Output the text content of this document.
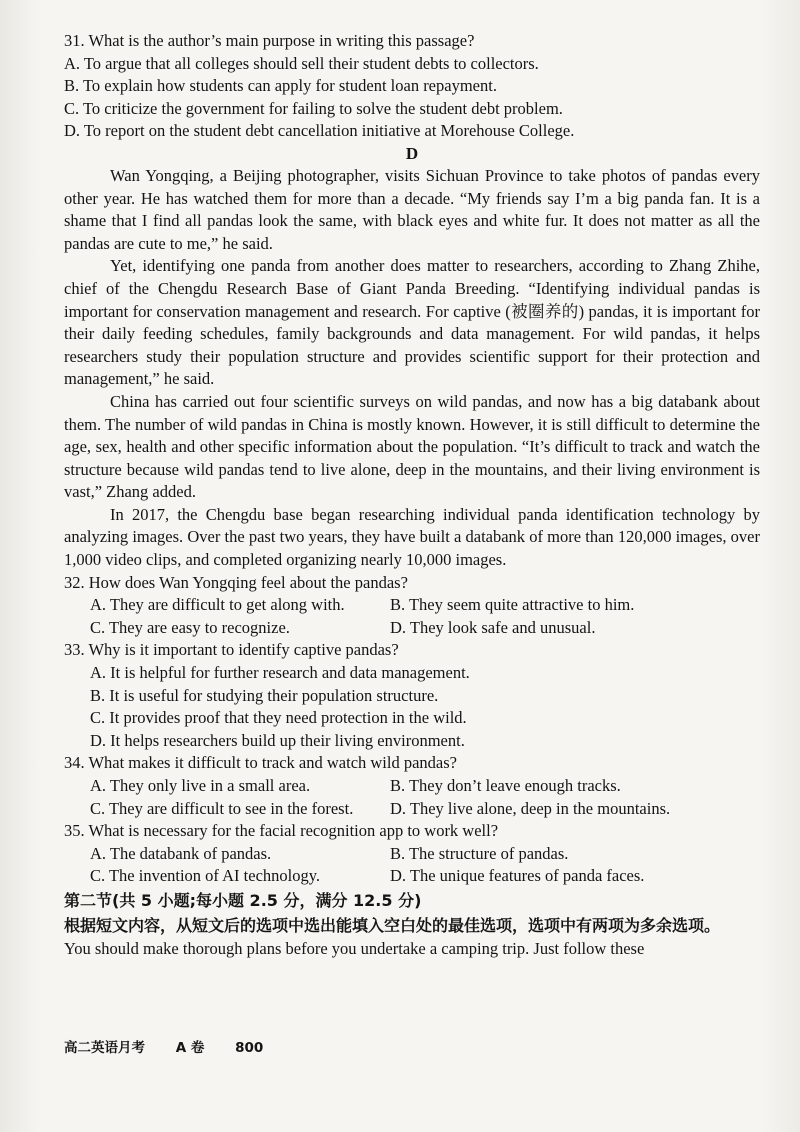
31. What is the author’s main purpose in writing this passage?
A. To argue that all colleges should sell their student debts to collectors.
B. To explain how students can apply for student loan repayment.
C. To criticize the government for failing to solve the student debt problem.
D. To report on the student debt cancellation initiative at Morehouse College.
D

Wan Yongqing, a Beijing photographer, visits Sichuan Province to take photos of pandas every other year. He has watched them for more than a decade. “My friends say I’m a big panda fan. It is a shame that I find all pandas look the same, with black eyes and white fur. It does not matter as all the pandas are cute to me,” he said.

Yet, identifying one panda from another does matter to researchers, according to Zhang Zhihe, chief of the Chengdu Research Base of Giant Panda Breeding. “Identifying individual pandas is important for conservation management and research. For captive (被圈养的) pandas, it is important for their daily feeding schedules, family backgrounds and data management. For wild pandas, it helps researchers study their population structure and provides scientific support for their protection and management,” he said.

China has carried out four scientific surveys on wild pandas, and now has a big databank about them. The number of wild pandas in China is mostly known. However, it is still difficult to determine the age, sex, health and other specific information about the population. “It’s difficult to track and watch the structure because wild pandas tend to live alone, deep in the mountains, and their living environment is vast,” Zhang added.

In 2017, the Chengdu base began researching individual panda identification technology by analyzing images. Over the past two years, they have built a databank of more than 120,000 images, over 1,000 video clips, and completed organizing nearly 10,000 images.

32. How does Wan Yongqing feel about the pandas?
A. They are difficult to get along with.	B. They seem quite attractive to him.
C. They are easy to recognize.	D. They look safe and unusual.
33. Why is it important to identify captive pandas?
A. It is helpful for further research and data management.
B. It is useful for studying their population structure.
C. It provides proof that they need protection in the wild.
D. It helps researchers build up their living environment.
34. What makes it difficult to track and watch wild pandas?
A. They only live in a small area.	B. They don’t leave enough tracks.
C. They are difficult to see in the forest.	D. They live alone, deep in the mountains.
35. What is necessary for the facial recognition app to work well?
A. The databank of pandas.	B. The structure of pandas.
C. The invention of AI technology.	D. The unique features of panda faces.
第二节(共 5 小题;每小题 2.5 分，满分 12.5 分)
根据短文内容，从短文后的选项中选出能填入空白处的最佳选项，选项中有两项为多余选项。
You should make thorough plans before you undertake a camping trip. Just follow these
高二英语月考 A 卷 800
